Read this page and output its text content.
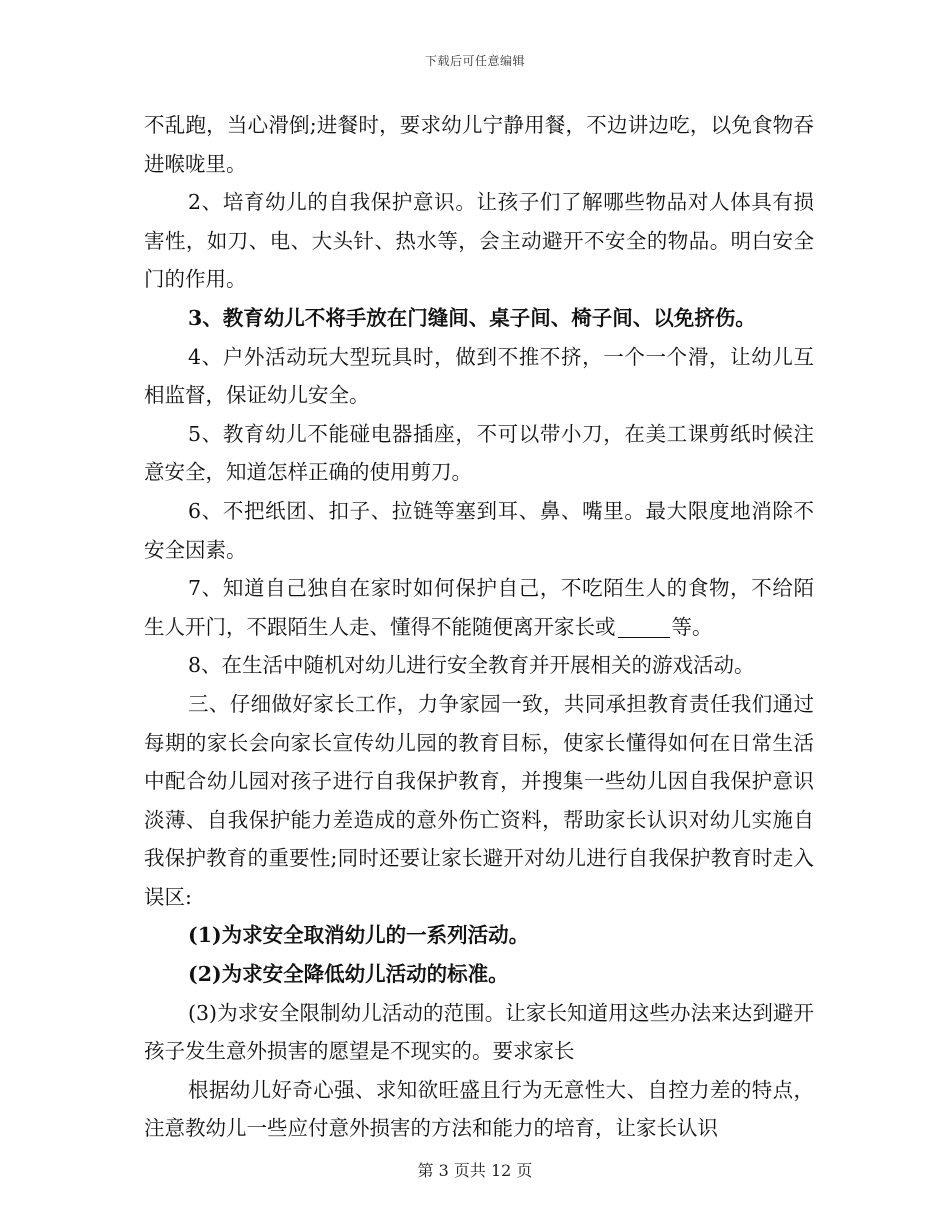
下载后可任意编辑

不乱跑，当心滑倒;进餐时，要求幼儿宁静用餐，不边讲边吃，以免食物吞进喉咙里。

2、培育幼儿的自我保护意识。让孩子们了解哪些物品对人体具有损害性，如刀、电、大头针、热水等，会主动避开不安全的物品。明白安全门的作用。

3、教育幼儿不将手放在门缝间、桌子间、椅子间、以免挤伤。

4、户外活动玩大型玩具时，做到不推不挤，一个一个滑，让幼儿互相监督，保证幼儿安全。

5、教育幼儿不能碰电器插座，不可以带小刀，在美工课剪纸时候注意安全，知道怎样正确的使用剪刀。

6、不把纸团、扣子、拉链等塞到耳、鼻、嘴里。最大限度地消除不安全因素。

7、知道自己独自在家时如何保护自己，不吃陌生人的食物，不给陌生人开门，不跟陌生人走、懂得不能随便离开家长或	等。

8、在生活中随机对幼儿进行安全教育并开展相关的游戏活动。

三、仔细做好家长工作，力争家园一致，共同承担教育责任我们通过每期的家长会向家长宣传幼儿园的教育目标，使家长懂得如何在日常生活中配合幼儿园对孩子进行自我保护教育，并搜集一些幼儿因自我保护意识淡薄、自我保护能力差造成的意外伤亡资料，帮助家长认识对幼儿实施自我保护教育的重要性;同时还要让家长避开对幼儿进行自我保护教育时走入误区:

(1)为求安全取消幼儿的一系列活动。

(2)为求安全降低幼儿活动的标准。

(3)为求安全限制幼儿活动的范围。让家长知道用这些办法来达到避开孩子发生意外损害的愿望是不现实的。要求家长

根据幼儿好奇心强、求知欲旺盛且行为无意性大、自控力差的特点，注意教幼儿一些应付意外损害的方法和能力的培育，让家长认识

第 3 页共 12 页
